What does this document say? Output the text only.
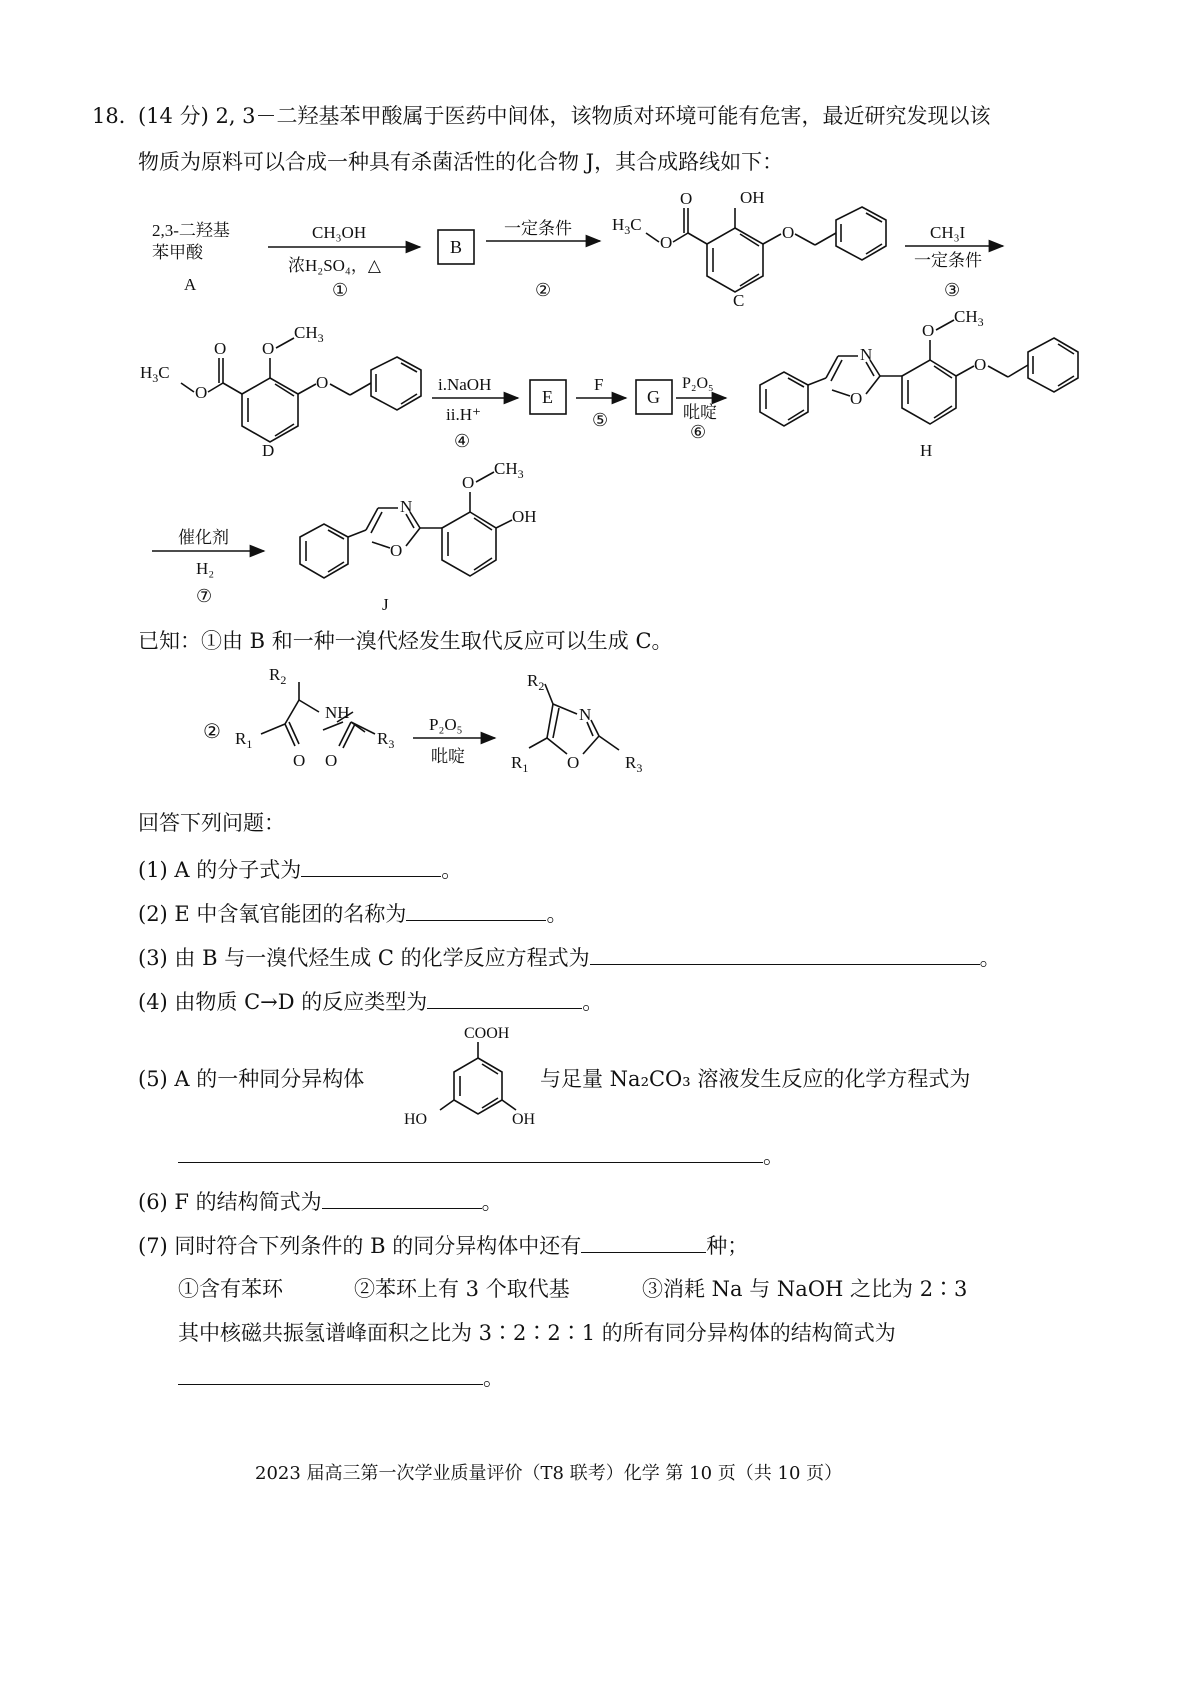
18．
(14 分) 2, 3－二羟基苯甲酸属于医药中间体，该物质对环境可能有危害，最近研究发现以该
物质为原料可以合成一种具有杀菌活性的化合物 J，其合成路线如下：
2,3-二羟基
苯甲酸
A
CH₃OH
浓H₂SO₄，△
①
B
一定条件
②
$H_3C$
O
O	OH
O
C
CH₃I
一定条件
③
$H_3C$
O
O O
$CH_3$
O
D
i.NaOH
ii.H⁺
④
E
F
⑤
G
P₂O₅
吡啶
⑥
N
O
O
$CH_3$
O
H
催化剂
H₂
⑦
N
O
O
$CH_3$
OH
J
已知：①由 B 和一种一溴代烃发生取代反应可以生成 C。
②
$R_2$
NH
$R_1$
O O
$R_3$
P₂O₅
吡啶
$R_2$
N
O
$R_1$	$R_3$
回答下列问题：
(1) A 的分子式为	。
(2) E 中含氧官能团的名称为	。
(3) 由 B 与一溴代烃生成 C 的化学反应方程式为	。
(4) 由物质 C→D 的反应类型为	。
(5) A 的一种同分异构体
COOH
HO	OH
与足量 Na₂CO₃ 溶液发生反应的化学方程式为
。
(6) F 的结构简式为	。
(7) 同时符合下列条件的 B 的同分异构体中还有	种；
①含有苯环	②苯环上有 3 个取代基	③消耗 Na 与 NaOH 之比为 2∶3
其中核磁共振氢谱峰面积之比为 3∶2∶2∶1 的所有同分异构体的结构简式为
。
2023 届高三第一次学业质量评价（T8 联考）化学 第 10 页（共 10 页）
